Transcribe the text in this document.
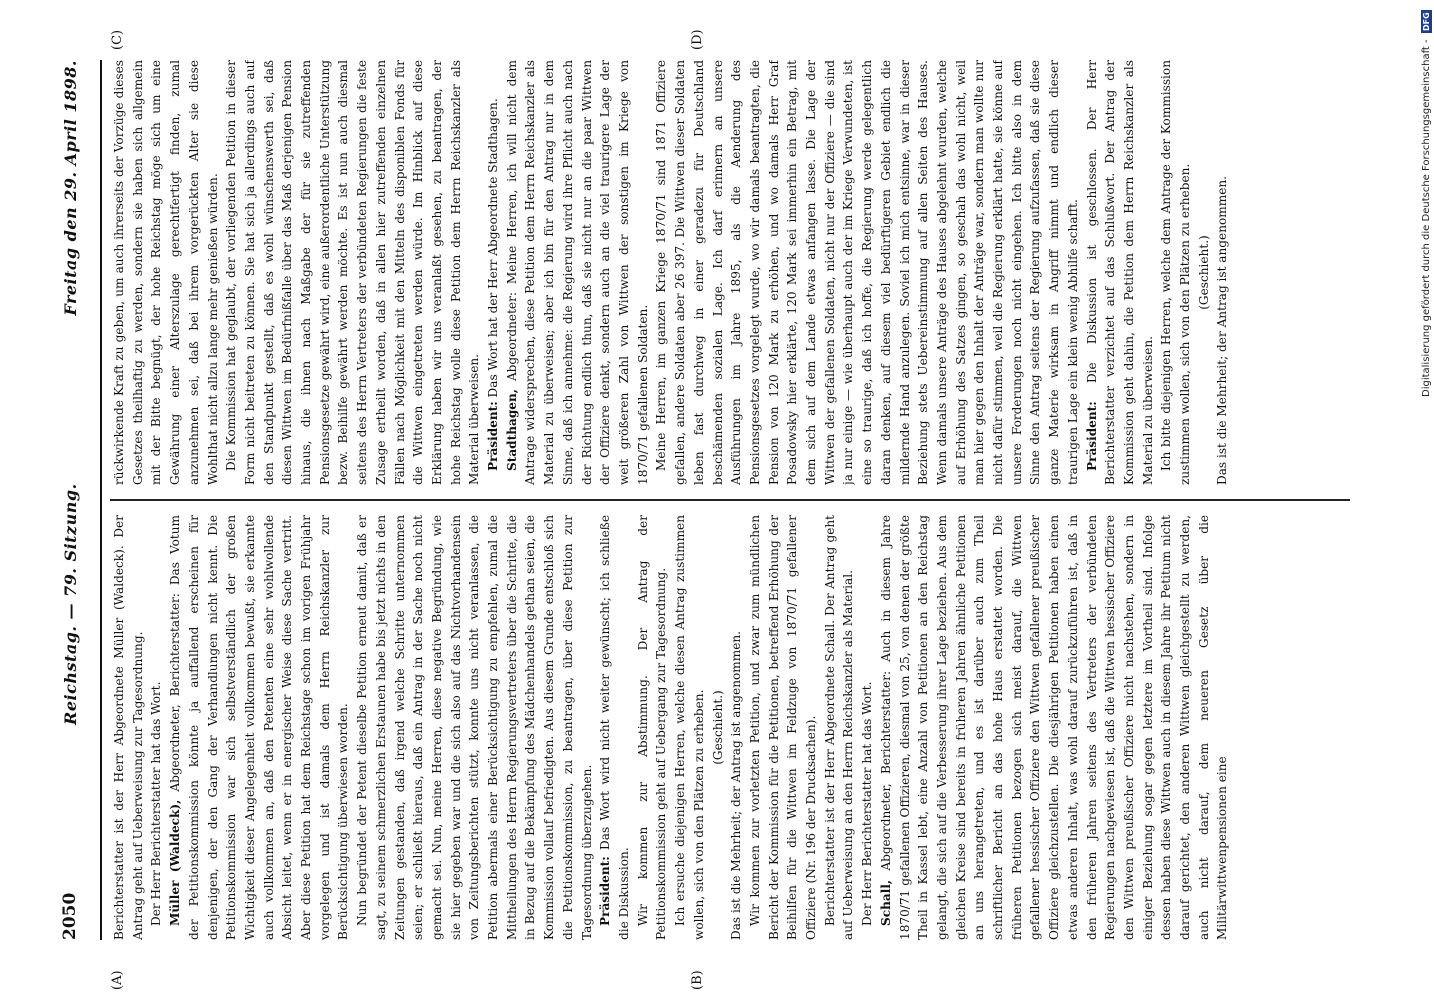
2050
Reichstag. — 79. Sitzung.
Freitag den 29. April 1898.
(A)	(B)
(C)	(D)

Berichterstatter ist der Herr Abgeordnete Müller (Waldeck). Der Antrag geht auf Ueberweisung zur Tagesordnung. Der Herr Berichterstatter hat das Wort. Müller (Waldeck), Abgeordneter, Berichterstatter: Das Votum der Petitionskommission könnte ja auffallend erscheinen für denjenigen, der den Gang der Verhandlungen nicht kennt. Die Petitionskommission war sich selbstverständlich der großen Wichtigkeit dieser Angelegenheit vollkommen bewußt, sie erkannte auch vollkommen an, daß den Petenten eine sehr wohlwollende Absicht leitet, wenn er in energischer Weise diese Sache vertritt. Aber diese Petition hat dem Reichstage schon im vorigen Frühjahr vorgelegen und ist damals dem Herrn Reichskanzler zur Berücksichtigung überwiesen worden. Nun begründet der Petent dieselbe Petition erneut damit, daß er sagt, zu seinem schmerzlichen Erstaunen habe bis jetzt nichts in den Zeitungen gestanden, daß irgend welche Schritte unternommen seien; er schließt hieraus, daß ein Antrag in der Sache noch nicht gemacht sei. Nun, meine Herren, diese negative Begründung, wie sie hier gegeben war und die sich also auf das Nichtvorhandensein von Zeitungsberichten stützt, konnte uns nicht veranlassen, die Petition abermals einer Berücksichtigung zu empfehlen, zumal die Mittheilungen des Herrn Regierungsvertreters über die Schritte, die in Bezug auf die Bekämpfung des Mädchenhandels gethan seien, die Kommission vollauf befriedigten. Aus diesem Grunde entschloß sich die Petitionskommission, zu beantragen, über diese Petition zur Tagesordnung überzugehen. Präsident: Das Wort wird nicht weiter gewünscht; ich schließe die Diskussion. Wir kommen zur Abstimmung. Der Antrag der Petitionskommission geht auf Uebergang zur Tagesordnung. Ich ersuche diejenigen Herren, welche diesen Antrag zustimmen wollen, sich von den Plätzen zu erheben. (Geschieht.) Das ist die Mehrheit; der Antrag ist angenommen. Wir kommen zur vorletzten Petition, und zwar zum mündlichen Bericht der Kommission für die Petitionen, betreffend Erhöhung der Beihilfen für die Wittwen im Feldzuge von 1870/71 gefallener Offiziere (Nr. 196 der Drucksachen). Berichterstatter ist der Herr Abgeordnete Schall. Der Antrag geht auf Ueberweisung an den Herrn Reichskanzler als Material. Der Herr Berichterstatter hat das Wort. Schall, Abgeordneter, Berichterstatter: Auch in diesem Jahre 1870/71 gefallenen Offizieren, diesmal von 25, von denen der größte Theil in Kassel lebt, eine Anzahl von Petitionen an den Reichstag gelangt, die sich auf die Verbesserung ihrer Lage beziehen. Aus dem gleichen Kreise sind bereits in früheren Jahren ähnliche Petitionen an uns herangetreten, und es ist darüber auch zum Theil schriftlicher Bericht an das hohe Haus erstattet worden. Die früheren Petitionen bezogen sich meist darauf, die Wittwen gefallener hessischer Offiziere den Wittwen gefallener preußischer Offiziere gleichzustellen. Die diesjährigen Petitionen haben einen etwas anderen Inhalt, was wohl darauf zurückzuführen ist, daß in den früheren Jahren seitens des Vertreters der verbündeten Regierungen nachgewiesen ist, daß die Wittwen hessischer Offiziere den Wittwen preußischer Offiziere nicht nachstehen, sondern in einiger Beziehung sogar gegen letztere im Vortheil sind. Infolge dessen haben diese Wittwen auch in diesem Jahre ihr Petitum nicht darauf gerichtet, den anderen Wittwen gleichgestellt zu werden, auch nicht darauf, dem neueren Gesetz über die Militärwittwenpensionen eine

rückwirkende Kraft zu geben, um auch ihrerseits der Vorzüge dieses Gesetzes theilhaftig zu werden, sondern sie haben sich allgemein mit der Bitte begnügt, der hohe Reichstag möge sich um eine Gewährung einer Alterszulage gerechtfertigt finden, zumal anzunehmen sei, daß bei ihrem vorgerückten Alter sie diese Wohlthat nicht allzu lange mehr genießen würden. Die Kommission hat geglaubt, der vorliegenden Petition in dieser Form nicht beitreten zu können. Sie hat sich ja allerdings auch auf den Standpunkt gestellt, daß es wohl wünschenswerth sei, daß diesen Wittwen im Bedürfnißfalle über das Maß derjenigen Pension hinaus, die ihnen nach Maßgabe der für sie zutreffenden Pensionsgesetze gewährt wird, eine außerordentliche Unterstützung bezw. Beihilfe gewährt werden möchte. Es ist nun auch diesmal seitens des Herrn Vertreters der verbündeten Regierungen die feste Zusage ertheilt worden, daß in allen hier zutreffenden einzelnen Fällen nach Möglichkeit mit den Mitteln des disponiblen Fonds für die Wittwen eingetreten werden würde. Im Hinblick auf diese Erklärung haben wir uns veranlaßt gesehen, zu beantragen, der hohe Reichstag wolle diese Petition dem Herrn Reichskanzler als Material überweisen. Präsident: Das Wort hat der Herr Abgeordnete Stadthagen.

Stadthagen, Abgeordneter: Meine Herren, ich will nicht dem Antrage widersprechen, diese Petition dem Herrn Reichskanzler als Material zu überweisen; aber ich bin für den Antrag nur in dem Sinne, daß ich annehme: die Regierung wird ihre Pflicht auch nach der Richtung endlich thun, daß sie nicht nur an die paar Wittwen der Offiziere denkt, sondern auch an die viel traurigere Lage der weit größeren Zahl von Wittwen der sonstigen im Kriege von 1870/71 gefallenen Soldaten. Meine Herren, im ganzen Kriege 1870/71 sind 1871 Offiziere gefallen, andere Soldaten aber 26 397. Die Wittwen dieser Soldaten leben fast durchweg in einer geradezu für Deutschland beschämenden sozialen Lage. Ich darf erinnern an unsere Ausführungen im Jahre 1895, als die Aenderung des Pensionsgesetzes vorgelegt wurde, wo wir damals beantragten, die Pension von 120 Mark zu erhöhen, und wo damals Herr Graf Posadowsky hier erklärte, 120 Mark sei immerhin ein Betrag, mit dem sich auf dem Lande etwas anfangen lasse. Die Lage der Wittwen der gefallenen Soldaten, nicht nur der Offiziere — die sind ja nur einige — wie überhaupt auch der im Kriege Verwundeten, ist eine so traurige, daß ich hoffe, die Regierung werde gelegentlich daran denken, auf diesem viel bedürftigeren Gebiet endlich die mildernde Hand anzulegen. Soviel ich mich entsinne, war in dieser Beziehung stets Uebereinstimmung auf allen Seiten des Hauses. Wenn damals unsere Anträge des Hauses abgelehnt wurden, welche auf Erhöhung des Satzes gingen, so geschah das wohl nicht, weil man hier gegen den Inhalt der Anträge war, sondern man wollte nur nicht dafür stimmen, weil die Regierung erklärt hatte, sie könne auf unsere Forderungen noch nicht eingehen. Ich bitte also in dem Sinne den Antrag seitens der Regierung aufzufassen, daß sie diese ganze Materie wirksam in Angriff nimmt und endlich dieser traurigen Lage ein klein wenig Abhilfe schafft. Präsident: Die Diskussion ist geschlossen. Der Herr Berichterstatter verzichtet auf das Schlußwort. Der Antrag der Kommission geht dahin, die Petition dem Herrn Reichskanzler als Material zu überweisen. Ich bitte diejenigen Herren, welche dem Antrage der Kommission zustimmen wollen, sich von den Plätzen zu erheben. (Geschieht.) Das ist die Mehrheit; der Antrag ist angenommen.	Digitalisierung gefördert durch die Deutsche Forschungsgemeinschaft - DFG
